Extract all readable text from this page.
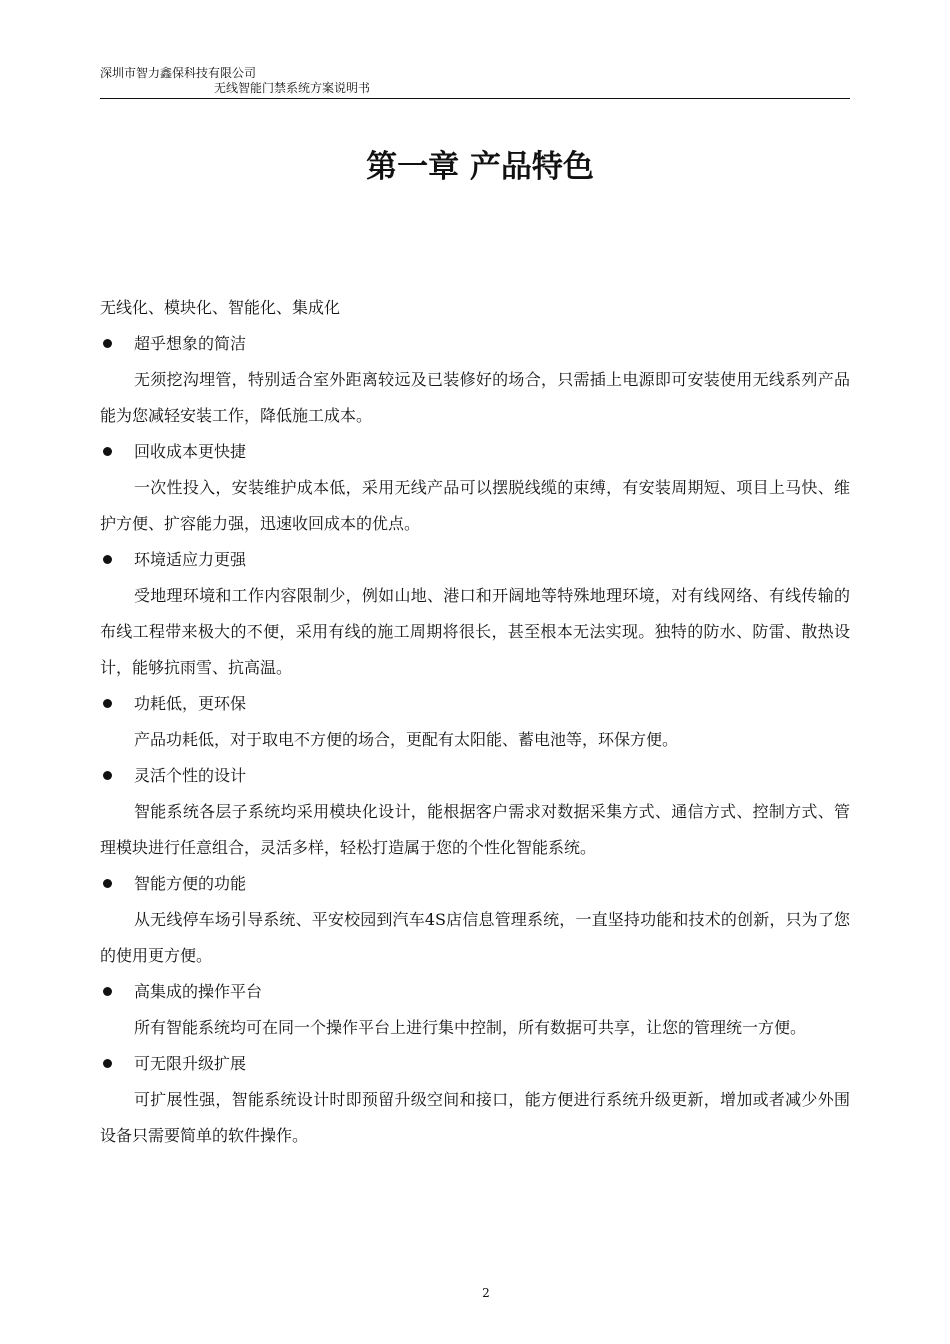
深圳市智力鑫保科技有限公司
无线智能门禁系统方案说明书
第一章 产品特色
无线化、模块化、智能化、集成化
超乎想象的简洁
无须挖沟埋管，特别适合室外距离较远及已装修好的场合，只需插上电源即可安装使用无线系列产品能为您减轻安装工作，降低施工成本。
回收成本更快捷
一次性投入，安装维护成本低，采用无线产品可以摆脱线缆的束缚，有安装周期短、项目上马快、维护方便、扩容能力强，迅速收回成本的优点。
环境适应力更强
受地理环境和工作内容限制少，例如山地、港口和开阔地等特殊地理环境，对有线网络、有线传输的布线工程带来极大的不便，采用有线的施工周期将很长，甚至根本无法实现。独特的防水、防雷、散热设计，能够抗雨雪、抗高温。
功耗低，更环保
产品功耗低，对于取电不方便的场合，更配有太阳能、蓄电池等，环保方便。
灵活个性的设计
智能系统各层子系统均采用模块化设计，能根据客户需求对数据采集方式、通信方式、控制方式、管理模块进行任意组合，灵活多样，轻松打造属于您的个性化智能系统。
智能方便的功能
从无线停车场引导系统、平安校园到汽车4S店信息管理系统，一直坚持功能和技术的创新，只为了您的使用更方便。
高集成的操作平台
所有智能系统均可在同一个操作平台上进行集中控制，所有数据可共享，让您的管理统一方便。
可无限升级扩展
可扩展性强，智能系统设计时即预留升级空间和接口，能方便进行系统升级更新，增加或者减少外围设备只需要简单的软件操作。
2
